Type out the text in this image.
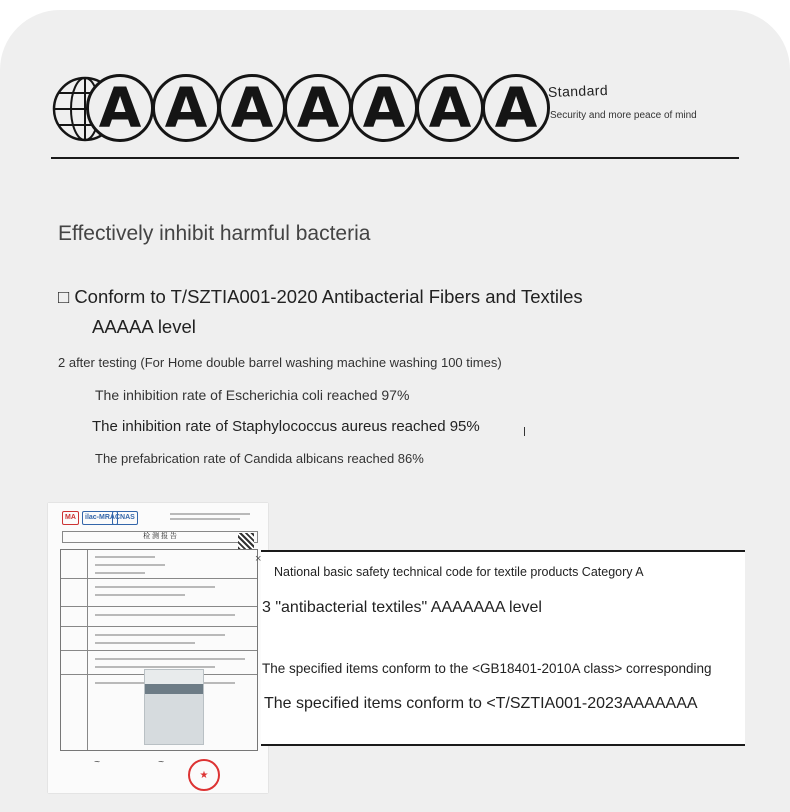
A A A A A A A Standard
Security and more peace of mind
Effectively inhibit harmful bacteria
□ Conform to T/SZTIA001-2020 Antibacterial Fibers and Textiles
AAAAA level
2 after testing (For Home double barrel washing machine washing 100 times)
The inhibition rate of Escherichia coli reached 97%
The inhibition rate of Staphylococcus aureus reached 95%
The prefabrication rate of Candida albicans reached 86%
MA	ilac-MRA CNAS
检 测 报 告
~	~
★
×
National basic safety technical code for textile products Category A
3 "antibacterial textiles" AAAAAAA level
The specified items conform to the <GB18401-2010A class> corresponding
The specified items conform to <T/SZTIA001-2023AAAAAAA
